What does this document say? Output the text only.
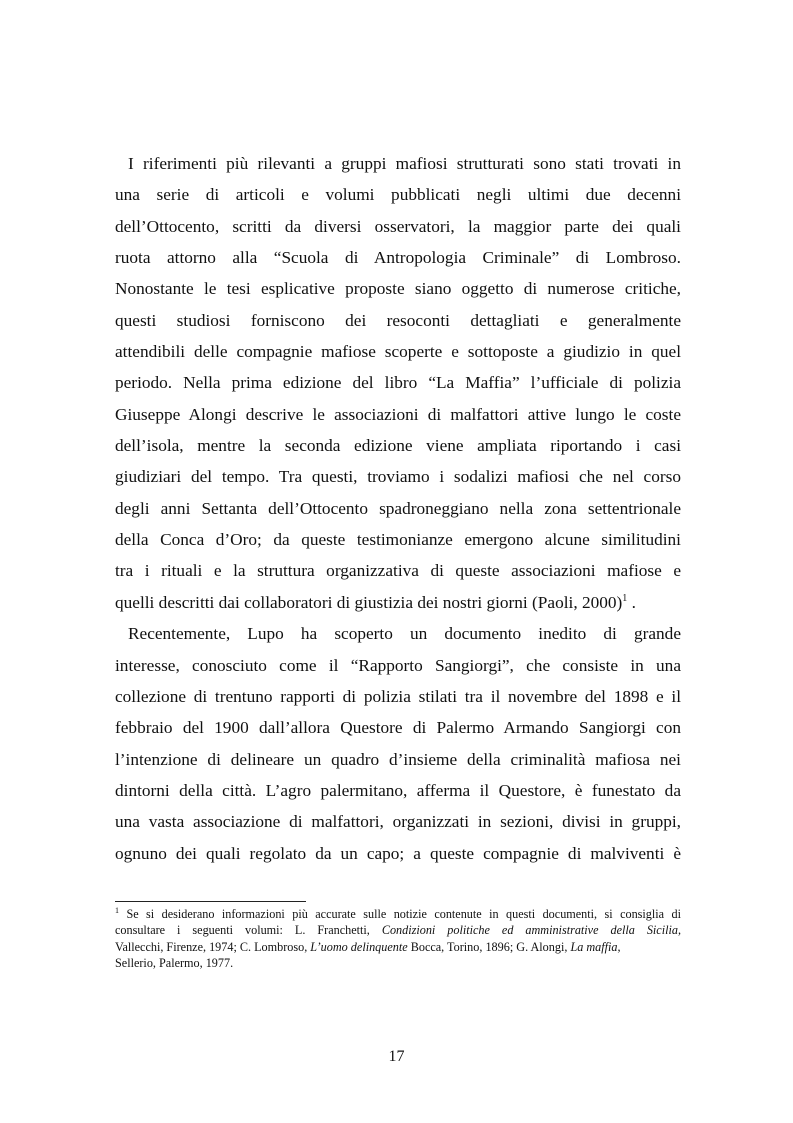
I riferimenti più rilevanti a gruppi mafiosi strutturati sono stati trovati in
una serie di articoli e volumi pubblicati negli ultimi due decenni
dell’Ottocento, scritti da diversi osservatori, la maggior parte dei quali
ruota attorno alla “Scuola di Antropologia Criminale” di Lombroso.
Nonostante le tesi esplicative proposte siano oggetto di numerose critiche,
questi studiosi forniscono dei resoconti dettagliati e generalmente
attendibili delle compagnie mafiose scoperte e sottoposte a giudizio in quel
periodo. Nella prima edizione del libro “La Maffia” l’ufficiale di polizia
Giuseppe Alongi descrive le associazioni di malfattori attive lungo le coste
dell’isola, mentre la seconda edizione viene ampliata riportando i casi
giudiziari del tempo. Tra questi, troviamo i sodalizi mafiosi che nel corso
degli anni Settanta dell’Ottocento spadroneggiano nella zona settentrionale
della Conca d’Oro; da queste testimonianze emergono alcune similitudini
tra i rituali e la struttura organizzativa di queste associazioni mafiose e
quelli descritti dai collaboratori di giustizia dei nostri giorni (Paoli, 2000)$^1$ .
Recentemente, Lupo ha scoperto un documento inedito di grande
interesse, conosciuto come il “Rapporto Sangiorgi”, che consiste in una
collezione di trentuno rapporti di polizia stilati tra il novembre del 1898 e il
febbraio del 1900 dall’allora Questore di Palermo Armando Sangiorgi con
l’intenzione di delineare un quadro d’insieme della criminalità mafiosa nei
dintorni della città. L’agro palermitano, afferma il Questore, è funestato da
una vasta associazione di malfattori, organizzati in sezioni, divisi in gruppi,
ognuno dei quali regolato da un capo; a queste compagnie di malviventi è
$^1$ Se si desiderano informazioni più accurate sulle notizie contenute in questi documenti, si consiglia di
consultare i seguenti volumi: L. Franchetti, Condizioni politiche ed amministrative della Sicilia,
Vallecchi, Firenze, 1974; C. Lombroso, L’uomo delinquente Bocca, Torino, 1896; G. Alongi, La maffia,
Sellerio, Palermo, 1977.
17
